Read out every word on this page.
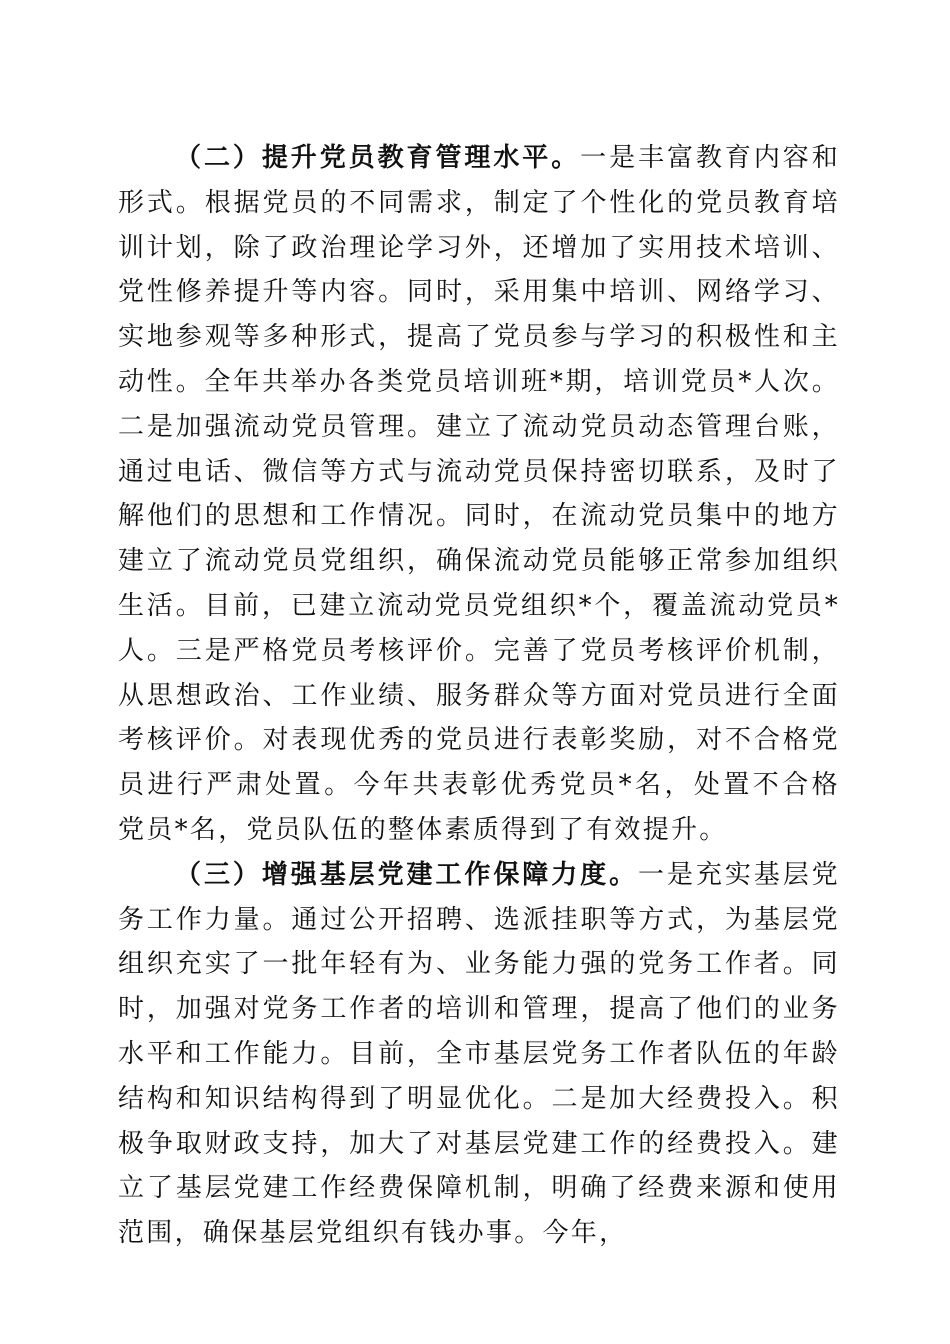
（二）提升党员教育管理水平。一是丰富教育内容和形式。根据党员的不同需求，制定了个性化的党员教育培训计划，除了政治理论学习外，还增加了实用技术培训、党性修养提升等内容。同时，采用集中培训、网络学习、实地参观等多种形式，提高了党员参与学习的积极性和主动性。全年共举办各类党员培训班*期，培训党员*人次。二是加强流动党员管理。建立了流动党员动态管理台账，通过电话、微信等方式与流动党员保持密切联系，及时了解他们的思想和工作情况。同时，在流动党员集中的地方建立了流动党员党组织，确保流动党员能够正常参加组织生活。目前，已建立流动党员党组织*个，覆盖流动党员*人。三是严格党员考核评价。完善了党员考核评价机制，从思想政治、工作业绩、服务群众等方面对党员进行全面考核评价。对表现优秀的党员进行表彰奖励，对不合格党员进行严肃处置。今年共表彰优秀党员*名，处置不合格党员*名，党员队伍的整体素质得到了有效提升。

（三）增强基层党建工作保障力度。一是充实基层党务工作力量。通过公开招聘、选派挂职等方式，为基层党组织充实了一批年轻有为、业务能力强的党务工作者。同时，加强对党务工作者的培训和管理，提高了他们的业务水平和工作能力。目前，全市基层党务工作者队伍的年龄结构和知识结构得到了明显优化。二是加大经费投入。积极争取财政支持，加大了对基层党建工作的经费投入。建立了基层党建工作经费保障机制，明确了经费来源和使用范围，确保基层党组织有钱办事。今年，
